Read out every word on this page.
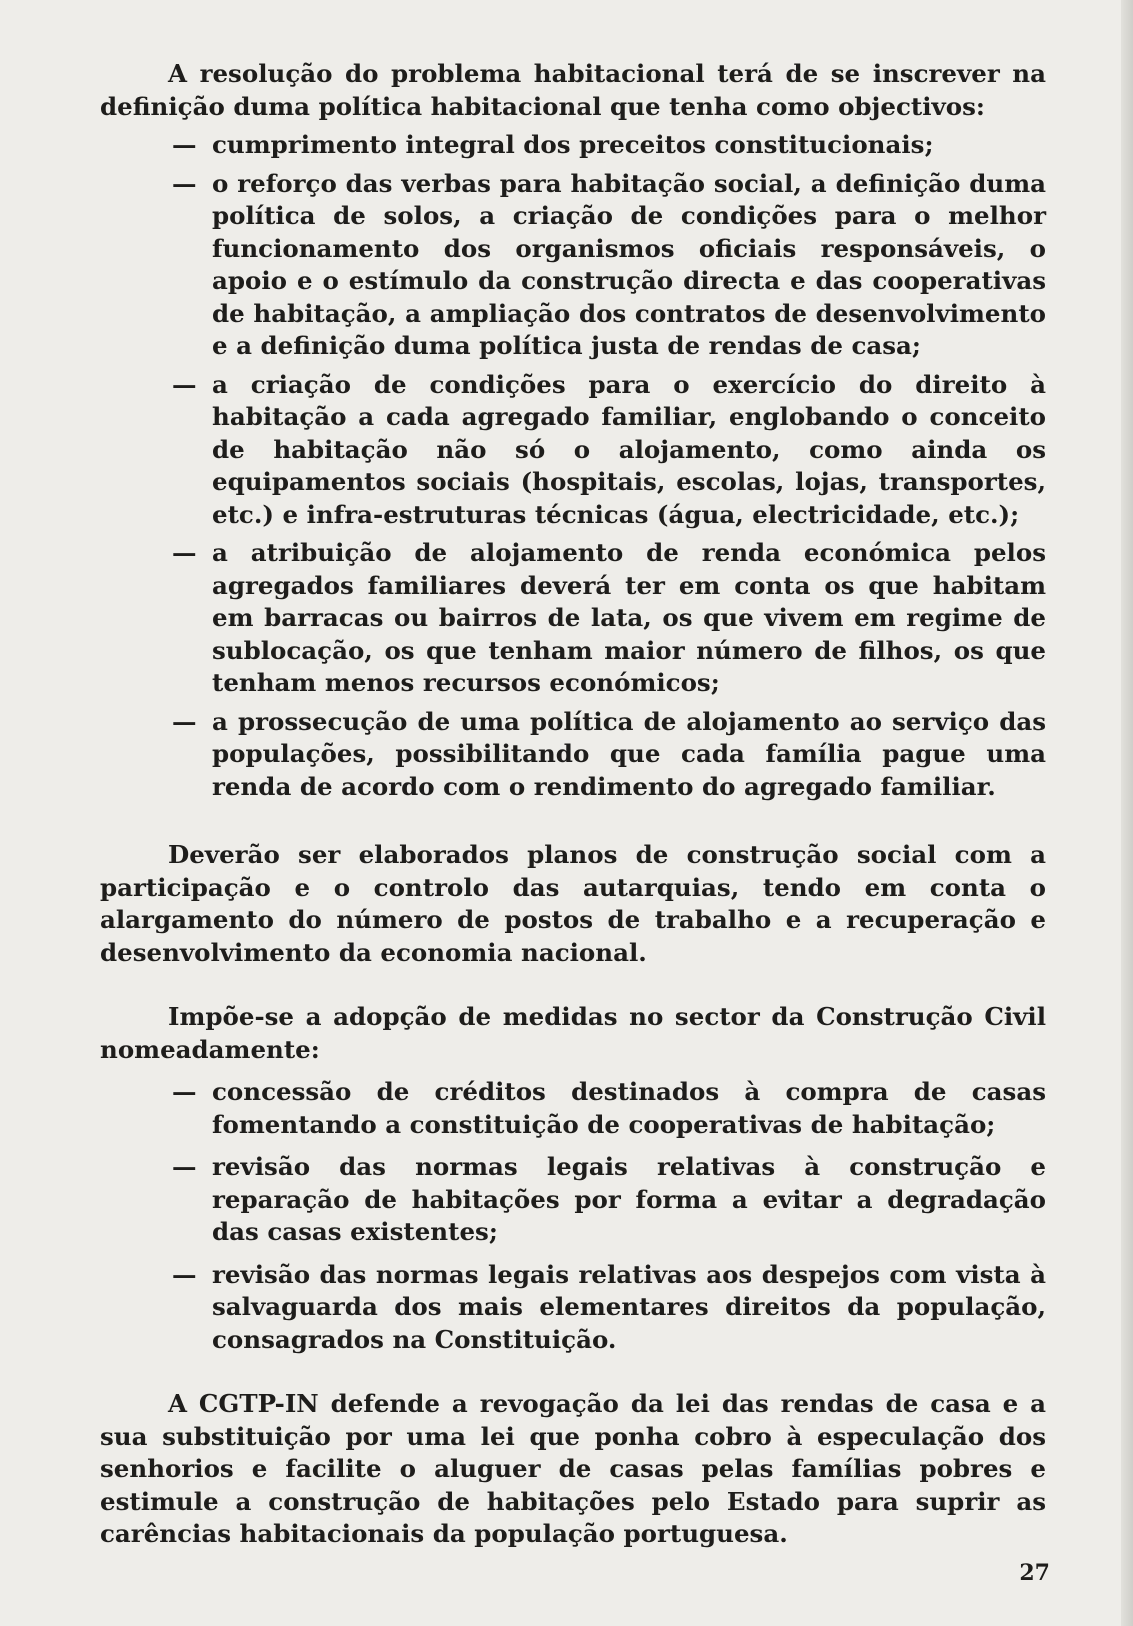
A resolução do problema habitacional terá de se inscrever na definição duma política habitacional que tenha como objectivos:

— cumprimento integral dos preceitos constitucionais;

— o reforço das verbas para habitação social, a definição duma política de solos, a criação de condições para o melhor funcionamento dos organismos oficiais responsáveis, o apoio e o estímulo da construção directa e das cooperativas de habitação, a ampliação dos contratos de desenvolvimento e a definição duma política justa de rendas de casa;

— a criação de condições para o exercício do direito à habitação a cada agregado familiar, englobando o conceito de habitação não só o alojamento, como ainda os equipamentos sociais (hospitais, escolas, lojas, transportes, etc.) e infra-estruturas técnicas (água, electricidade, etc.);

— a atribuição de alojamento de renda económica pelos agregados familiares deverá ter em conta os que habitam em barracas ou bairros de lata, os que vivem em regime de sublocação, os que tenham maior número de filhos, os que tenham menos recursos económicos;

— a prossecução de uma política de alojamento ao serviço das populações, possibilitando que cada família pague uma renda de acordo com o rendimento do agregado familiar.

Deverão ser elaborados planos de construção social com a participação e o controlo das autarquias, tendo em conta o alargamento do número de postos de trabalho e a recuperação e desenvolvimento da economia nacional.

Impõe-se a adopção de medidas no sector da Construção Civil nomeadamente:

— concessão de créditos destinados à compra de casas fomentando a constituição de cooperativas de habitação;

— revisão das normas legais relativas à construção e reparação de habitações por forma a evitar a degradação das casas existentes;

— revisão das normas legais relativas aos despejos com vista à salvaguarda dos mais elementares direitos da população, consagrados na Constituição.

A CGTP-IN defende a revogação da lei das rendas de casa e a sua substituição por uma lei que ponha cobro à especulação dos senhorios e facilite o aluguer de casas pelas famílias pobres e estimule a construção de habitações pelo Estado para suprir as carências habitacionais da população portuguesa.

27
